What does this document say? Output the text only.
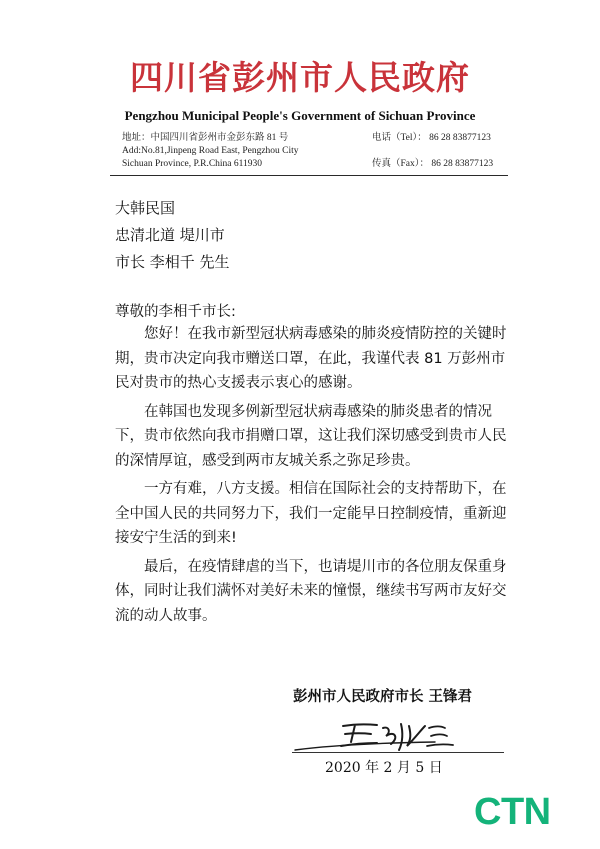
四川省彭州市人民政府
Pengzhou Municipal People's Government of Sichuan Province
地址：中国四川省彭州市金彭东路 81 号
Add:No.81,Jinpeng Road East, Pengzhou City
Sichuan Province, P.R.China 611930
电话（Tel）： 86 28 83877123
传真（Fax）： 86 28 83877123
大韩民国
忠清北道 堤川市
市长 李相千 先生
尊敬的李相千市长:

您好！在我市新型冠状病毒感染的肺炎疫情防控的关键时期，贵市决定向我市赠送口罩，在此，我谨代表 81 万彭州市民对贵市的热心支援表示衷心的感谢。

在韩国也发现多例新型冠状病毒感染的肺炎患者的情况下，贵市依然向我市捐赠口罩，这让我们深切感受到贵市人民的深情厚谊，感受到两市友城关系之弥足珍贵。

一方有难，八方支援。相信在国际社会的支持帮助下，在全中国人民的共同努力下，我们一定能早日控制疫情，重新迎接安宁生活的到来!

最后，在疫情肆虐的当下，也请堤川市的各位朋友保重身体，同时让我们满怀对美好未来的憧憬，继续书写两市友好交流的动人故事。

彭州市人民政府市长 王锋君
2020 年 2 月 5 日
CTN
